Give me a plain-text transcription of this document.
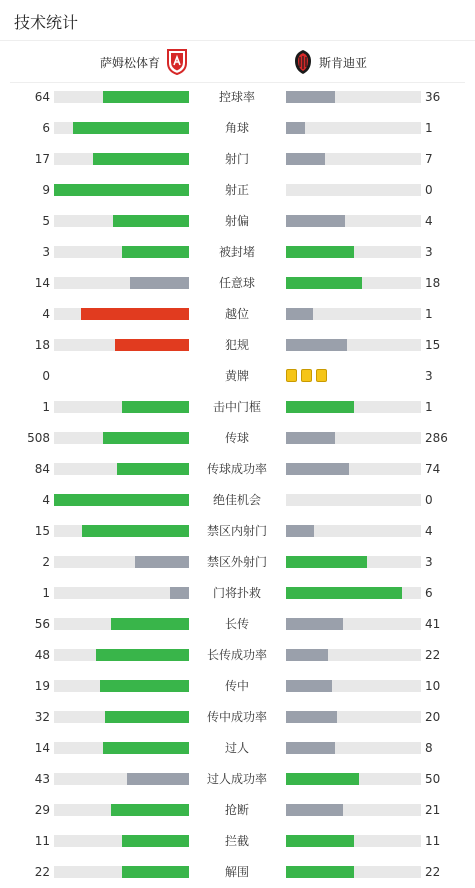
技术统计
萨姆松体育	斯肯迪亚
64	控球率	36
6	角球	1
17	射门	7
9	射正	0
5	射偏	4
3	被封堵	3
14	任意球	18
4	越位	1
18	犯规	15
0	黄牌	3
1	击中门框	1
508	传球	286
84	传球成功率	74
4	绝佳机会	0
15	禁区内射门	4
2	禁区外射门	3
1	门将扑救	6
56	长传	41
48	长传成功率	22
19	传中	10
32	传中成功率	20
14	过人	8
43	过人成功率	50
29	抢断	21
11	拦截	11
22	解围	22
